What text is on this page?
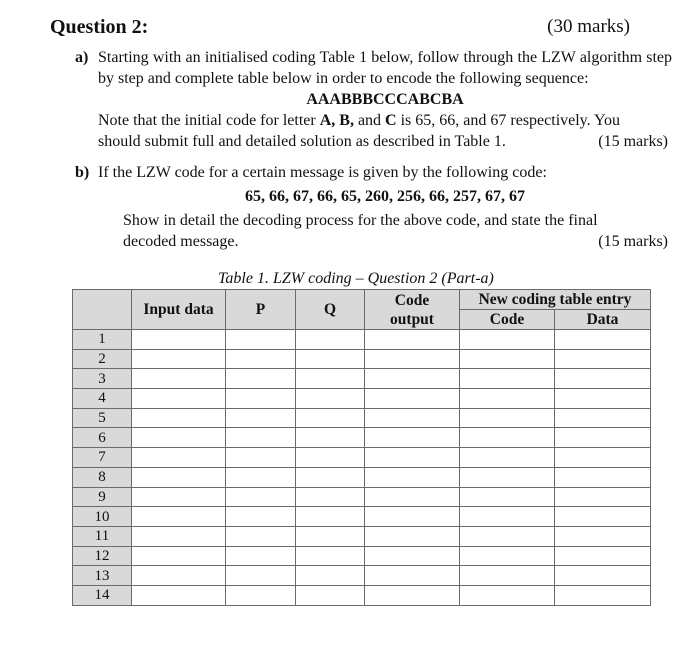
Question 2:	(30 marks)
a) Starting with an initialised coding Table 1 below, follow through the LZW algorithm step by step and complete table below in order to encode the following sequence:
AAABBBCCCABCBA
Note that the initial code for letter A, B, and C is 65, 66, and 67 respectively. You
should submit full and detailed solution as described in Table 1.	(15 marks)
b) If the LZW code for a certain message is given by the following code:
65, 66, 67, 66, 65, 260, 256, 66, 257, 67, 67
Show in detail the decoding process for the above code, and state the final
decoded message.	(15 marks)
Table 1. LZW coding – Question 2 (Part-a)
	Input data	P	Q	Code
output	New coding table entry	
					Code	Data
1						
2						
3						
4						
5						
6						
7						
8						
9						
10						
11						
12						
13						
14						
